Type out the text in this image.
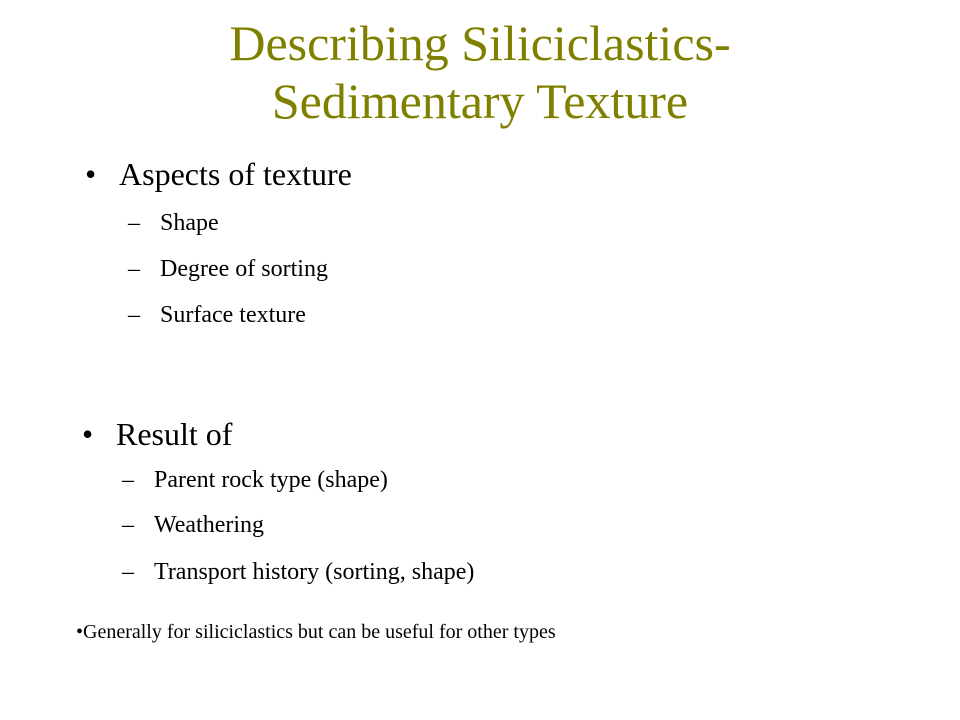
Describing Siliciclastics-
Sedimentary Texture
• Aspects of texture
– Shape
– Degree of sorting
– Surface texture
• Result of
– Parent rock type (shape)
– Weathering
– Transport history (sorting, shape)
•Generally for siliciclastics but can be useful for other types
